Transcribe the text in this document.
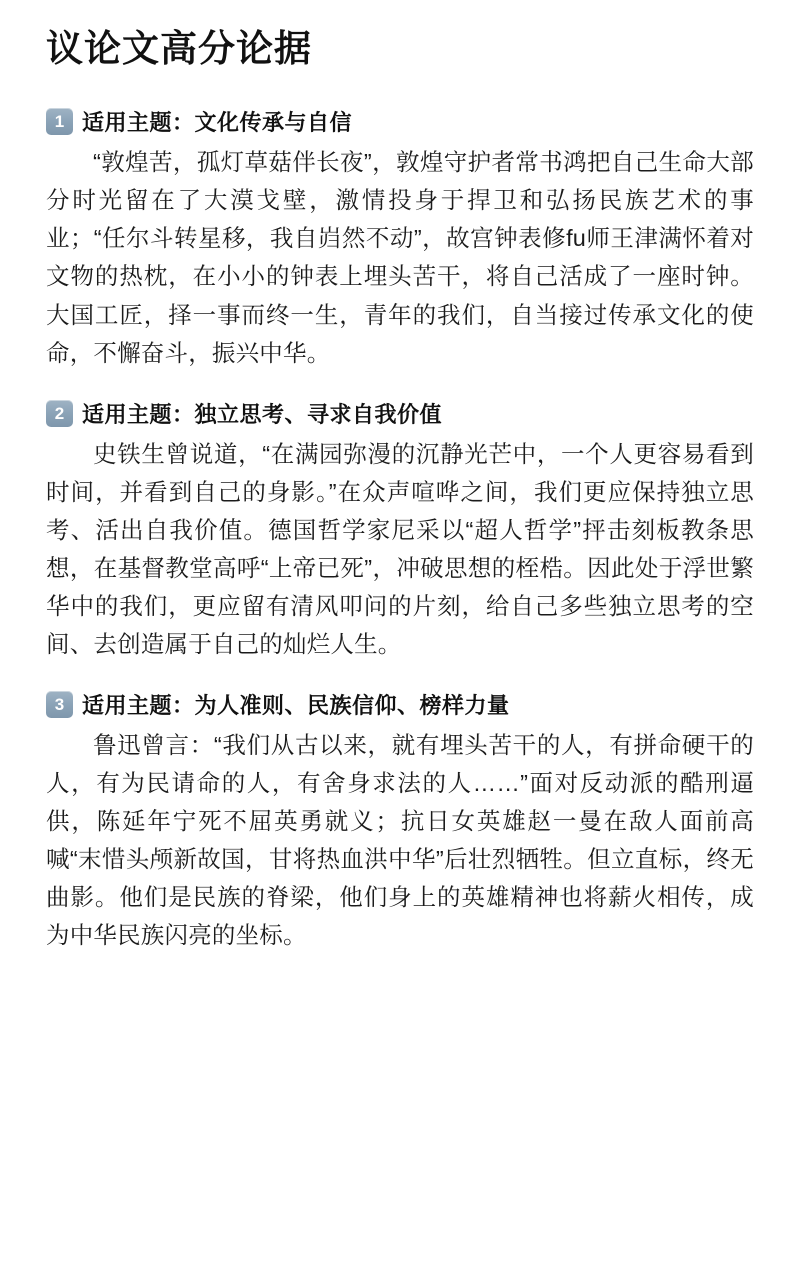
议论文高分论据
1 适用主题：文化传承与自信

“敦煌苦，孤灯草菇伴长夜”，敦煌守护者常书鸿把自己生命大部分时光留在了大漠戈壁，激情投身于捍卫和弘扬民族艺术的事业；“任尔斗转星移，我自岿然不动”，故宫钟表修fu师王津满怀着对文物的热枕，在小小的钟表上埋头苦干，将自己活成了一座时钟。大国工匠，择一事而终一生，青年的我们，自当接过传承文化的使命，不懈奋斗，振兴中华。

2 适用主题：独立思考、寻求自我价值

史铁生曾说道，“在满园弥漫的沉静光芒中，一个人更容易看到时间，并看到自己的身影。”在众声喧哗之间，我们更应保持独立思考、活出自我价值。德国哲学家尼采以“超人哲学”抨击刻板教条思想，在基督教堂高呼“上帝已死”，冲破思想的桎梏。因此处于浮世繁华中的我们，更应留有清风叩问的片刻，给自己多些独立思考的空间、去创造属于自己的灿烂人生。

3 适用主题：为人准则、民族信仰、榜样力量

鲁迅曾言：“我们从古以来，就有埋头苦干的人，有拼命硬干的人，有为民请命的人，有舍身求法的人……”面对反动派的酷刑逼供，陈延年宁死不屈英勇就义；抗日女英雄赵一曼在敌人面前高喊“末惜头颅新故国，甘将热血洪中华”后壮烈牺牲。但立直标，终无曲影。他们是民族的脊梁，他们身上的英雄精神也将薪火相传，成为中华民族闪亮的坐标。
